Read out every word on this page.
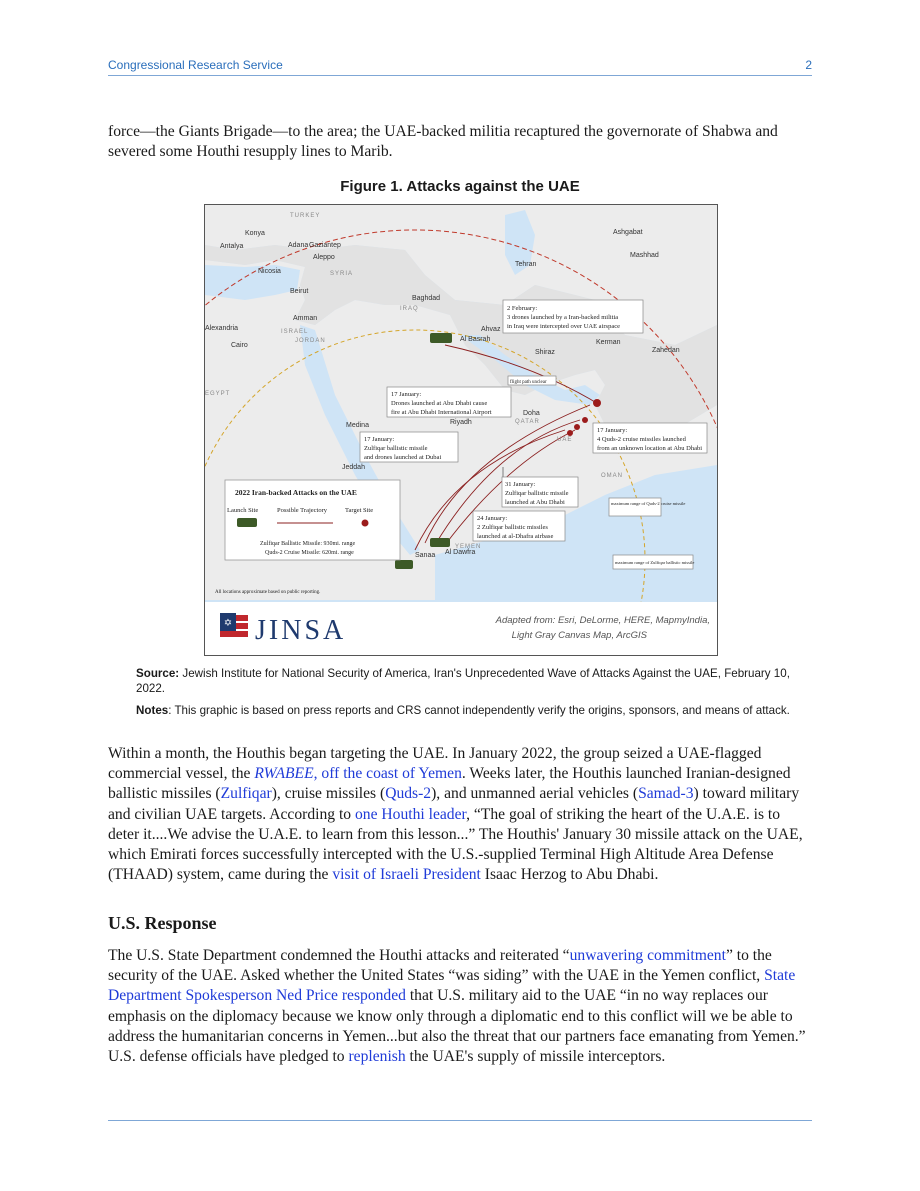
Congressional Research Service	2
force—the Giants Brigade—to the area; the UAE-backed militia recaptured the governorate of Shabwa and severed some Houthi resupply lines to Marib.
Figure 1. Attacks against the UAE
TURKEY
Konya
Antalya	Adana Gaziantep
Aleppo
Nicosia	SYRIA
Beirut
Amman
Alexandria
Cairo
ISRAEL
JORDAN
Baghdad
IRAQ
Tehran
Ashgabat
Mashhad
Ahvaz
Al Basrah	Kerman
Shiraz	Zahedan
EGYPT
Medina	Riyadh
Doha
QATAR
UAE
Jeddah
OMAN
Sanaa Al Dawfra
YEMEN
2 February:
3 drones launched by a Iran-backed militia
in Iraq were intercepted over UAE airspace
flight path unclear
17 January:
Drones launched at Abu Dhabi cause
fire at Abu Dhabi International Airport
17 January:
Zulfiqar ballistic missile
and drones launched at Dubai
17 January:
4 Quds-2 cruise missiles launched
from an unknown location at Abu Dhabi
31 January:
Zulfiqar ballistic missile
launched at Abu Dhabi
24 January:
2 Zulfiqar ballistic missiles
launched at al-Dhafra airbase
maximum range of Quds-2 cruise missile
maximum range of Zulfiqar ballistic missile
2022 Iran-backed Attacks on the UAE
Launch Site	Possible Trajectory	Target Site
Zulfiqar Ballistic Missile: 930mi. range
Quds-2 Cruise Missile: 620mi. range
All locations approximate based on public reporting.
✡ JINSA	Adapted from: Esri, DeLorme, HERE, MapmyIndia,
Light Gray Canvas Map, ArcGIS
Source: Jewish Institute for National Security of America, Iran's Unprecedented Wave of Attacks Against the UAE, February 10, 2022.
Notes: This graphic is based on press reports and CRS cannot independently verify the origins, sponsors, and means of attack.
Within a month, the Houthis began targeting the UAE. In January 2022, the group seized a UAE-flagged commercial vessel, the RWABEE, off the coast of Yemen. Weeks later, the Houthis launched Iranian-designed ballistic missiles (Zulfiqar), cruise missiles (Quds-2), and unmanned aerial vehicles (Samad-3) toward military and civilian UAE targets. According to one Houthi leader, “The goal of striking the heart of the U.A.E. is to deter it....We advise the U.A.E. to learn from this lesson...” The Houthis' January 30 missile attack on the UAE, which Emirati forces successfully intercepted with the U.S.-supplied Terminal High Altitude Area Defense (THAAD) system, came during the visit of Israeli President Isaac Herzog to Abu Dhabi.
U.S. Response
The U.S. State Department condemned the Houthi attacks and reiterated “unwavering commitment” to the security of the UAE. Asked whether the United States “was siding” with the UAE in the Yemen conflict, State Department Spokesperson Ned Price responded that U.S. military aid to the UAE “in no way replaces our emphasis on the diplomacy because we know only through a diplomatic end to this conflict will we be able to address the humanitarian concerns in Yemen...but also the threat that our partners face emanating from Yemen.” U.S. defense officials have pledged to replenish the UAE's supply of missile interceptors.
